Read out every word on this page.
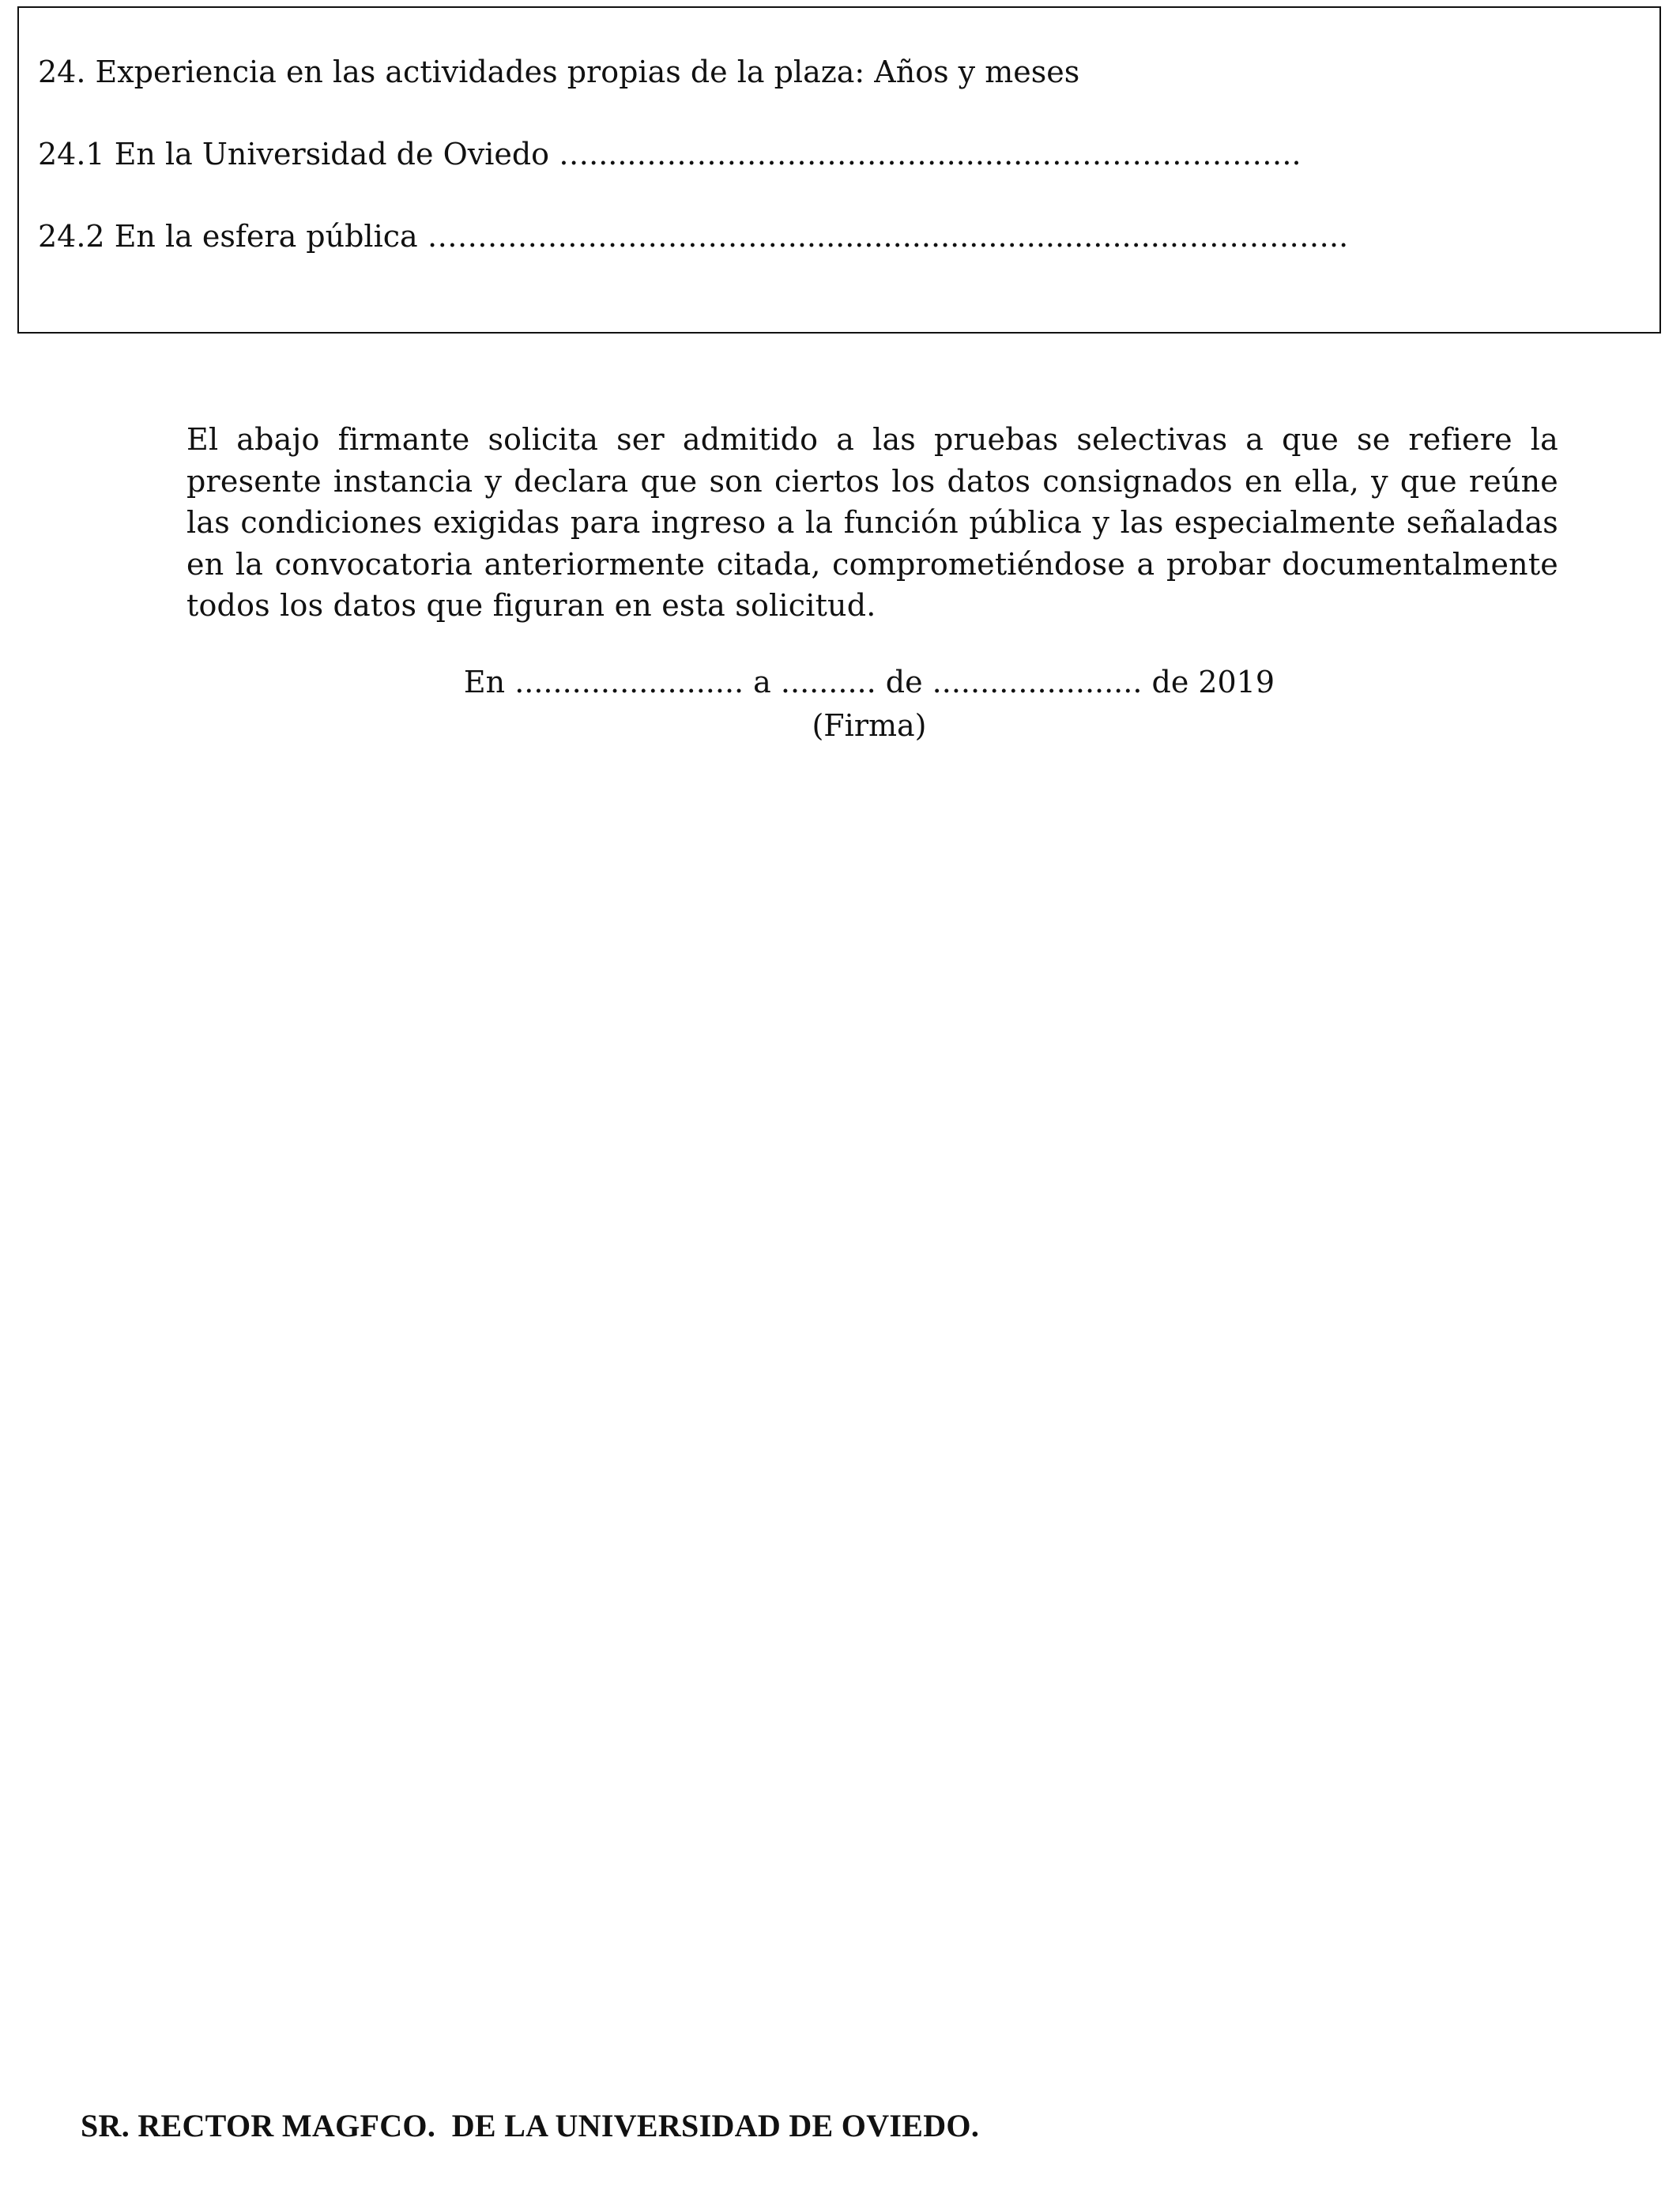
24. Experiencia en las actividades propias de la plaza: Años y meses
24.1 En la Universidad de Oviedo ….....…………………………...........……………………..
24.2 En la esfera pública ……………………………….........................................……………..

El abajo firmante solicita ser admitido a las pruebas selectivas a que se refiere la presente instancia y declara que son ciertos los datos consignados en ella, y que reúne las condiciones exigidas para ingreso a la función pública y las especialmente señaladas en la convocatoria anteriormente citada, comprometiéndose a probar documentalmente todos los datos que figuran en esta solicitud.

En ........................ a .......... de ...................... de 2019
(Firma)
SR. RECTOR MAGFCO.  DE LA UNIVERSIDAD DE OVIEDO.
